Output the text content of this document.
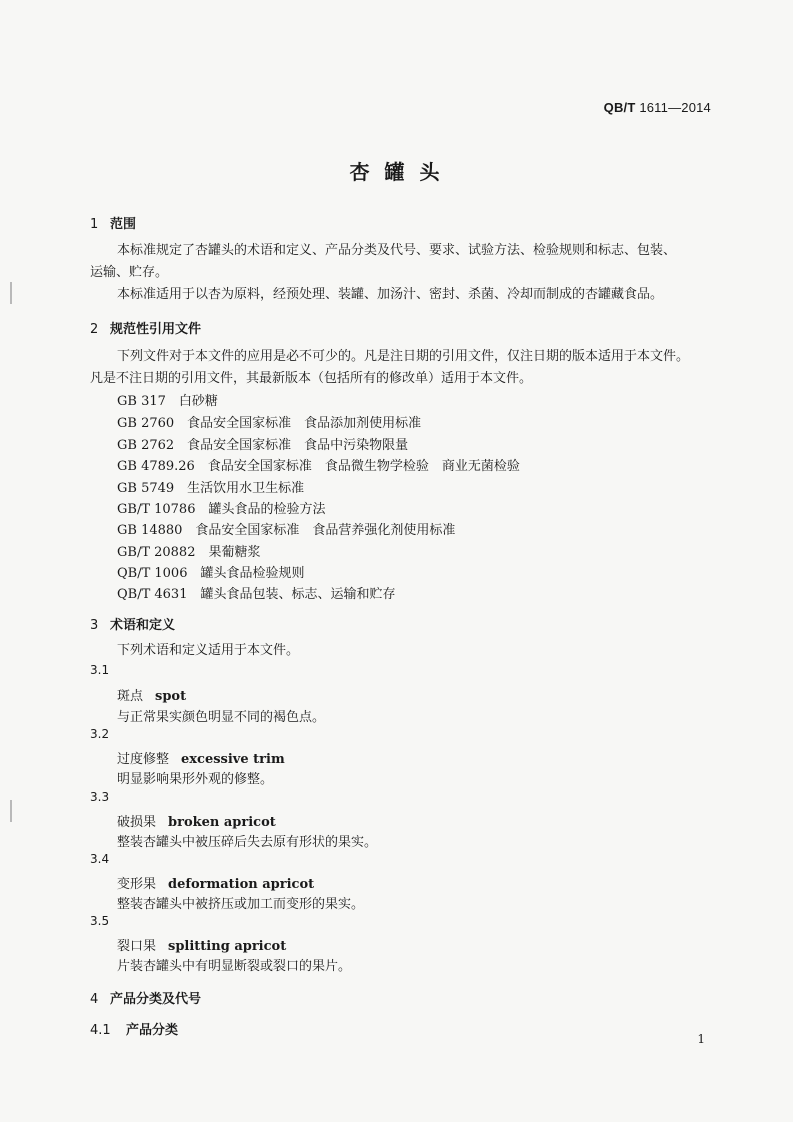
QB/T 1611—2014
杏 罐 头
1 范围
本标准规定了杏罐头的术语和定义、产品分类及代号、要求、试验方法、检验规则和标志、包装、
运输、贮存。
本标准适用于以杏为原料，经预处理、装罐、加汤汁、密封、杀菌、冷却而制成的杏罐藏食品。
2 规范性引用文件
下列文件对于本文件的应用是必不可少的。凡是注日期的引用文件，仅注日期的版本适用于本文件。
凡是不注日期的引用文件，其最新版本（包括所有的修改单）适用于本文件。
GB 317　白砂糖
GB 2760　食品安全国家标准　食品添加剂使用标准
GB 2762　食品安全国家标准　食品中污染物限量
GB 4789.26　食品安全国家标准　食品微生物学检验　商业无菌检验
GB 5749　生活饮用水卫生标准
GB/T 10786　罐头食品的检验方法
GB 14880　食品安全国家标准　食品营养强化剂使用标准
GB/T 20882　果葡糖浆
QB/T 1006　罐头食品检验规则
QB/T 4631　罐头食品包装、标志、运输和贮存
3 术语和定义
下列术语和定义适用于本文件。
3.1
斑点 spot
与正常果实颜色明显不同的褐色点。
3.2
过度修整 excessive trim
明显影响果形外观的修整。
3.3
破损果 broken apricot
整装杏罐头中被压碎后失去原有形状的果实。
3.4
变形果 deformation apricot
整装杏罐头中被挤压或加工而变形的果实。
3.5
裂口果 splitting apricot
片装杏罐头中有明显断裂或裂口的果片。
4 产品分类及代号
4.1 产品分类
1
